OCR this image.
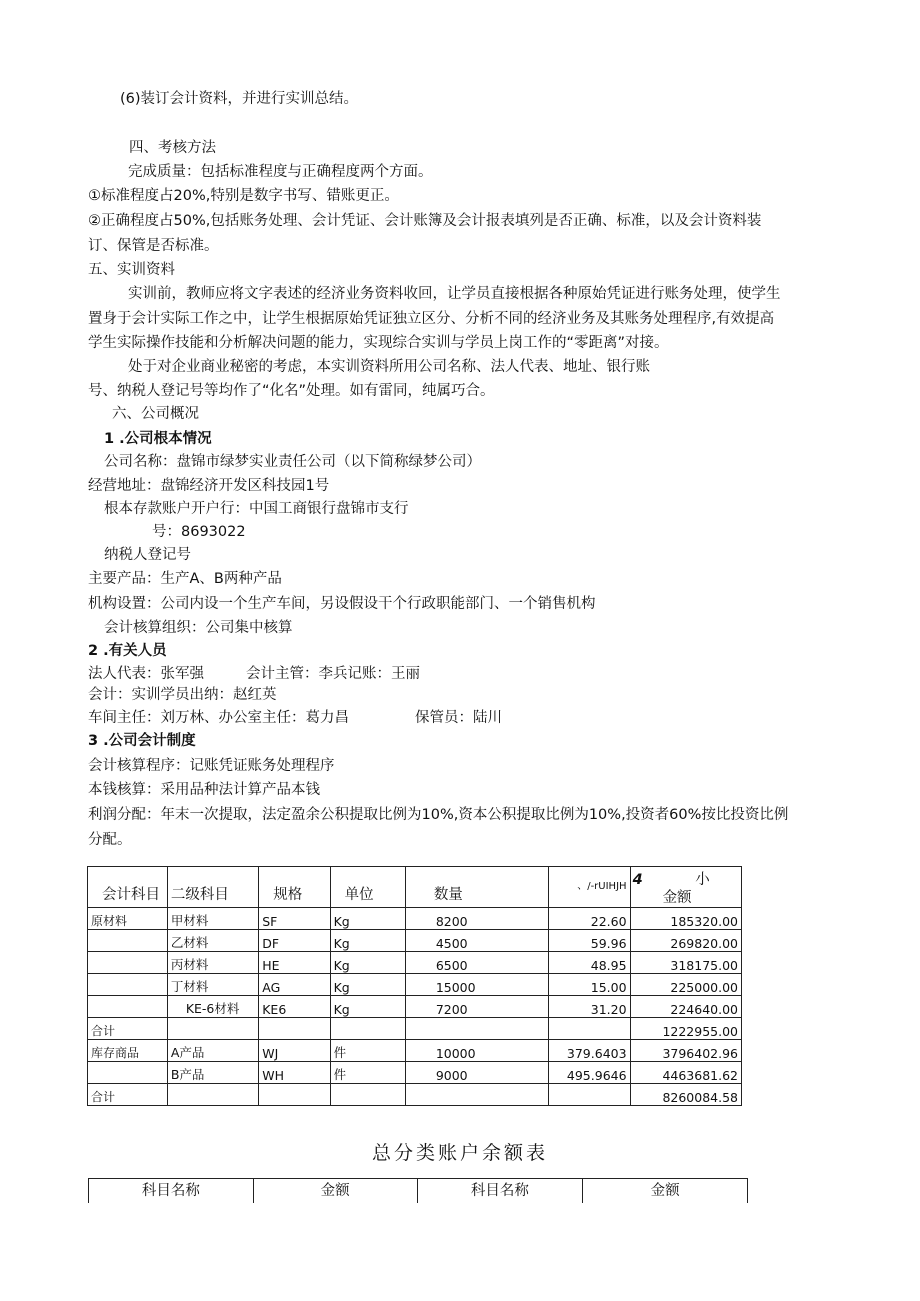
(6)装订会计资料，并进行实训总结。
四、考核方法
完成质量：包括标准程度与正确程度两个方面。
①标准程度占20%,特别是数字书写、错账更正。
②正确程度占50%,包括账务处理、会计凭证、会计账簿及会计报表填列是否正确、标准，以及会计资料装
订、保管是否标准。
五、实训资料
实训前，教师应将文字表述的经济业务资料收回，让学员直接根据各种原始凭证进行账务处理，使学生
置身于会计实际工作之中，让学生根据原始凭证独立区分、分析不同的经济业务及其账务处理程序,有效提高
学生实际操作技能和分析解决问题的能力，实现综合实训与学员上岗工作的“零距离”对接。
处于对企业商业秘密的考虑，本实训资料所用公司名称、法人代表、地址、银行账
号、纳税人登记号等均作了“化名”处理。如有雷同，纯属巧合。
六、公司概况
1 .公司根本情况
公司名称：盘锦市绿梦实业责任公司（以下简称绿梦公司）
经营地址：盘锦经济开发区科技园1号
根本存款账户开户行：中国工商银行盘锦市支行
号：8693022
纳税人登记号
主要产品：生产A、B两种产品
机构设置：公司内设一个生产车间，另设假设干个行政职能部门、一个销售机构
会计核算组织：公司集中核算
2 .有关人员
法人代表：张军强	会计主管：李兵记账：王丽
会计：实训学员出纳：赵红英
车间主任：刘万林、办公室主任：葛力昌	保管员：陆川
3 .公司会计制度
会计核算程序：记账凭证账务处理程序
本钱核算：采用品种法计算产品本钱
利润分配：年末一次提取，法定盈余公积提取比例为10%,资本公积提取比例为10%,投资者60%按比投资比例
分配。
会计科目	二级科目	规格	单位	数量	、/-rUIHJH	4 小
金额
原材料	甲材料	SF	Kg	8200	22.60	185320.00
	乙材料	DF	Kg	4500	59.96	269820.00
	丙材料	HE	Kg	6500	48.95	318175.00
	丁材料	AG	Kg	15000	15.00	225000.00
	KE-6材料	KE6	Kg	7200	31.20	224640.00
合计						1222955.00
库存商品	A产品	WJ	件	10000	379.6403	3796402.96
	B产品	WH	件	9000	495.9646	4463681.62
合计						8260084.58
总分类账户余额表
科目名称	金额	科目名称	金额
